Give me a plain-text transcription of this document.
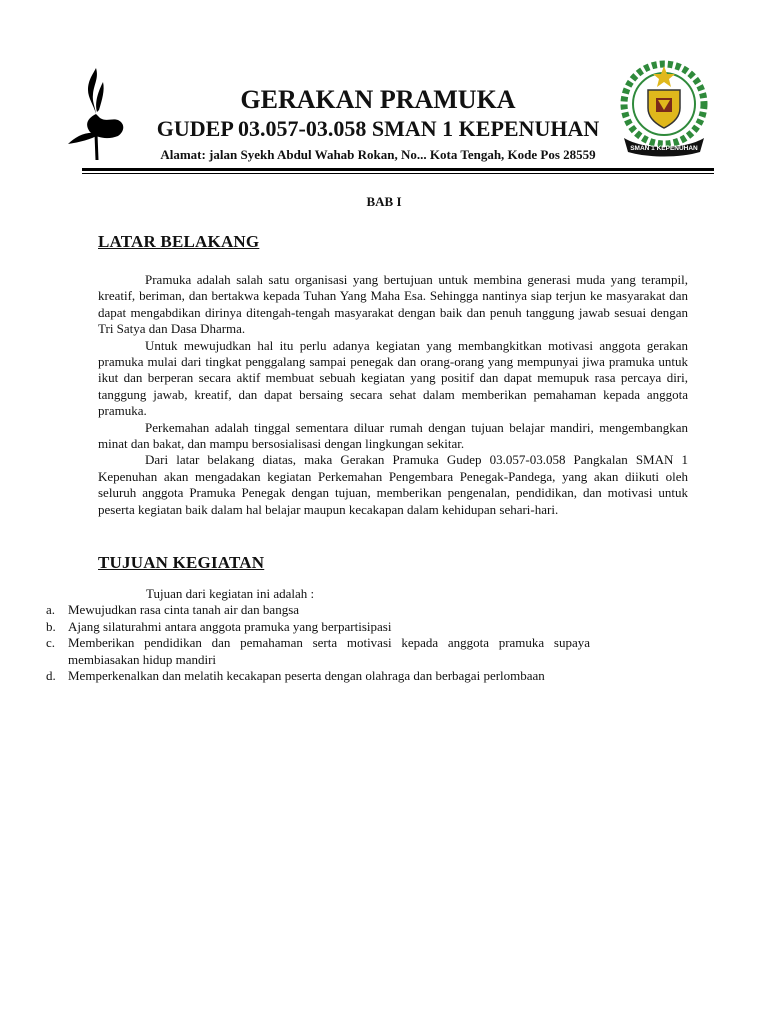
GERAKAN PRAMUKA
GUDEP 03.057-03.058 SMAN 1 KEPENUHAN
Alamat: jalan Syekh Abdul Wahab Rokan, No... Kota Tengah, Kode Pos 28559	SMAN 1 KEPENUHAN
BAB I
LATAR BELAKANG

Pramuka adalah salah satu organisasi yang bertujuan untuk membina generasi muda yang terampil, kreatif, beriman, dan bertakwa kepada Tuhan Yang Maha Esa. Sehingga nantinya siap terjun ke masyarakat dan dapat mengabdikan dirinya ditengah-tengah masyarakat dengan baik dan penuh tanggung jawab sesuai dengan Tri Satya dan Dasa Dharma.

Untuk mewujudkan hal itu perlu adanya kegiatan yang membangkitkan motivasi anggota gerakan pramuka mulai dari tingkat penggalang sampai penegak dan orang-orang yang mempunyai jiwa pramuka untuk ikut dan berperan secara aktif membuat sebuah kegiatan yang positif dan dapat memupuk rasa percaya diri, tanggung jawab, kreatif, dan dapat bersaing secara sehat dalam memberikan pemahaman kepada anggota pramuka.

Perkemahan adalah tinggal sementara diluar rumah dengan tujuan belajar mandiri, mengembangkan minat dan bakat, dan mampu bersosialisasi dengan lingkungan sekitar.

Dari latar belakang diatas, maka Gerakan Pramuka Gudep 03.057-03.058 Pangkalan SMAN 1 Kepenuhan akan mengadakan kegiatan Perkemahan Pengembara Penegak-Pandega, yang akan diikuti oleh seluruh anggota Pramuka Penegak dengan tujuan, memberikan pengenalan, pendidikan, dan motivasi untuk peserta kegiatan baik dalam hal belajar maupun kecakapan dalam kehidupan sehari-hari.

TUJUAN KEGIATAN

Tujuan dari kegiatan ini adalah :

a. Mewujudkan rasa cinta tanah air dan bangsa
b. Ajang silaturahmi antara anggota pramuka yang berpartisipasi
c. Memberikan pendidikan dan pemahaman serta motivasi kepada anggota pramuka supaya membiasakan hidup mandiri
d. Memperkenalkan dan melatih kecakapan peserta dengan olahraga dan berbagai perlombaan
